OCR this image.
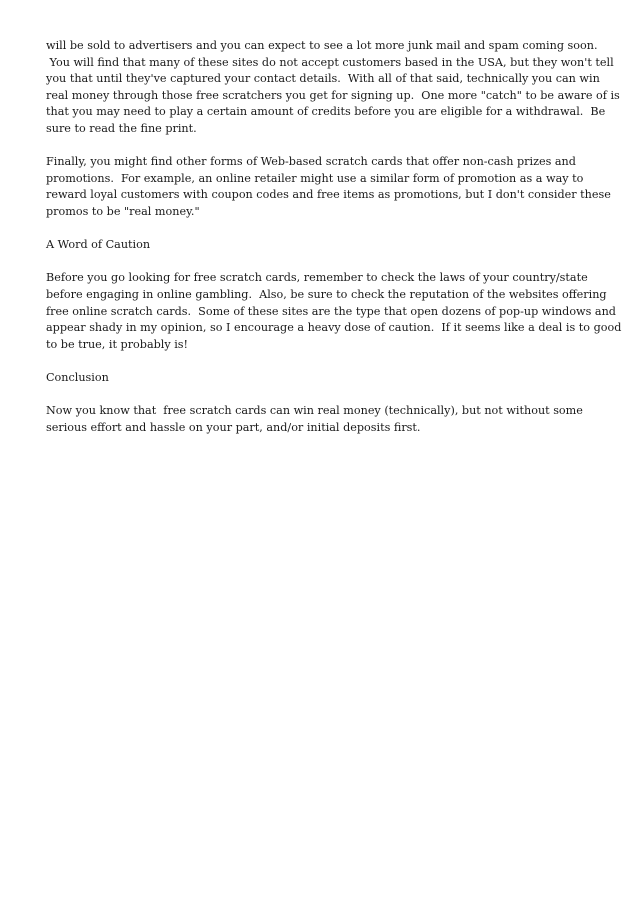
will be sold to advertisers and you can expect to see a lot more junk mail and spam coming soon.
You will find that many of these sites do not accept customers based in the USA, but they won't tell
you that until they've captured your contact details.  With all of that said, technically you can win
real money through those free scratchers you get for signing up.  One more "catch" to be aware of is
that you may need to play a certain amount of credits before you are eligible for a withdrawal.  Be
sure to read the fine print.

Finally, you might find other forms of Web-based scratch cards that offer non-cash prizes and
promotions.  For example, an online retailer might use a similar form of promotion as a way to
reward loyal customers with coupon codes and free items as promotions, but I don't consider these
promos to be "real money."

A Word of Caution

Before you go looking for free scratch cards, remember to check the laws of your country/state
before engaging in online gambling.  Also, be sure to check the reputation of the websites offering
free online scratch cards.  Some of these sites are the type that open dozens of pop-up windows and
appear shady in my opinion, so I encourage a heavy dose of caution.  If it seems like a deal is to good
to be true, it probably is!

Conclusion

Now you know that  free scratch cards can win real money (technically), but not without some
serious effort and hassle on your part, and/or initial deposits first.
